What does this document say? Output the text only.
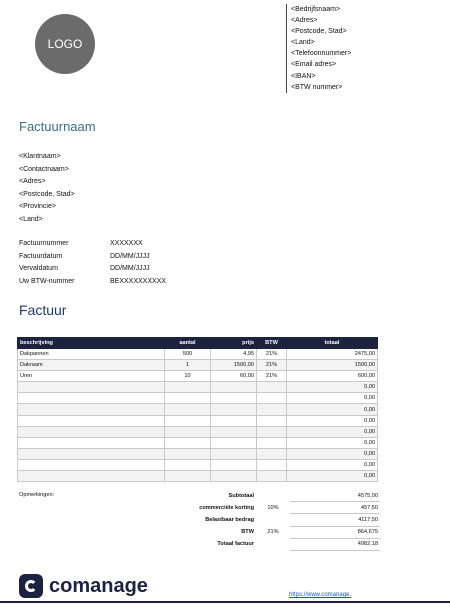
LOGO
<Bedrijfsnaam>
<Adres>
<Postcode, Stad>
<Land>
<Telefoonnummer>
<Email adres>
<IBAN>
<BTW nummer>
Factuurnaam
<Klantnaam>
<Contactnaam>
<Adres>
<Postcode, Stad>
<Provincie>
<Land>
Factuurnummer	XXXXXXX
Factuurdatum	DD/MM/JJJJ
Vervaldatum	DD/MM/JJJJ
Uw BTW-nummer	BEXXXXXXXXXX
Factuur
beschrijving	aantal	prijs	BTW	totaal
Dakpannen	500	4,95	21%	2475,00
Dakraam	1	1500,00	21%	1500,00
Uren	10	60,00	21%	600,00
				0,00
				0,00
				0,00
				0,00
				0,00
				0,00
				0,00
				0,00
				0,00
Opmerkingen:	Subtotaal		4575,00
commerciële korting	10%	457,50
Belastbaar bedrag		4117,50
BTW	21%	864,675
Totaal factuur		4982,18
comanage	https://www.comanage.
